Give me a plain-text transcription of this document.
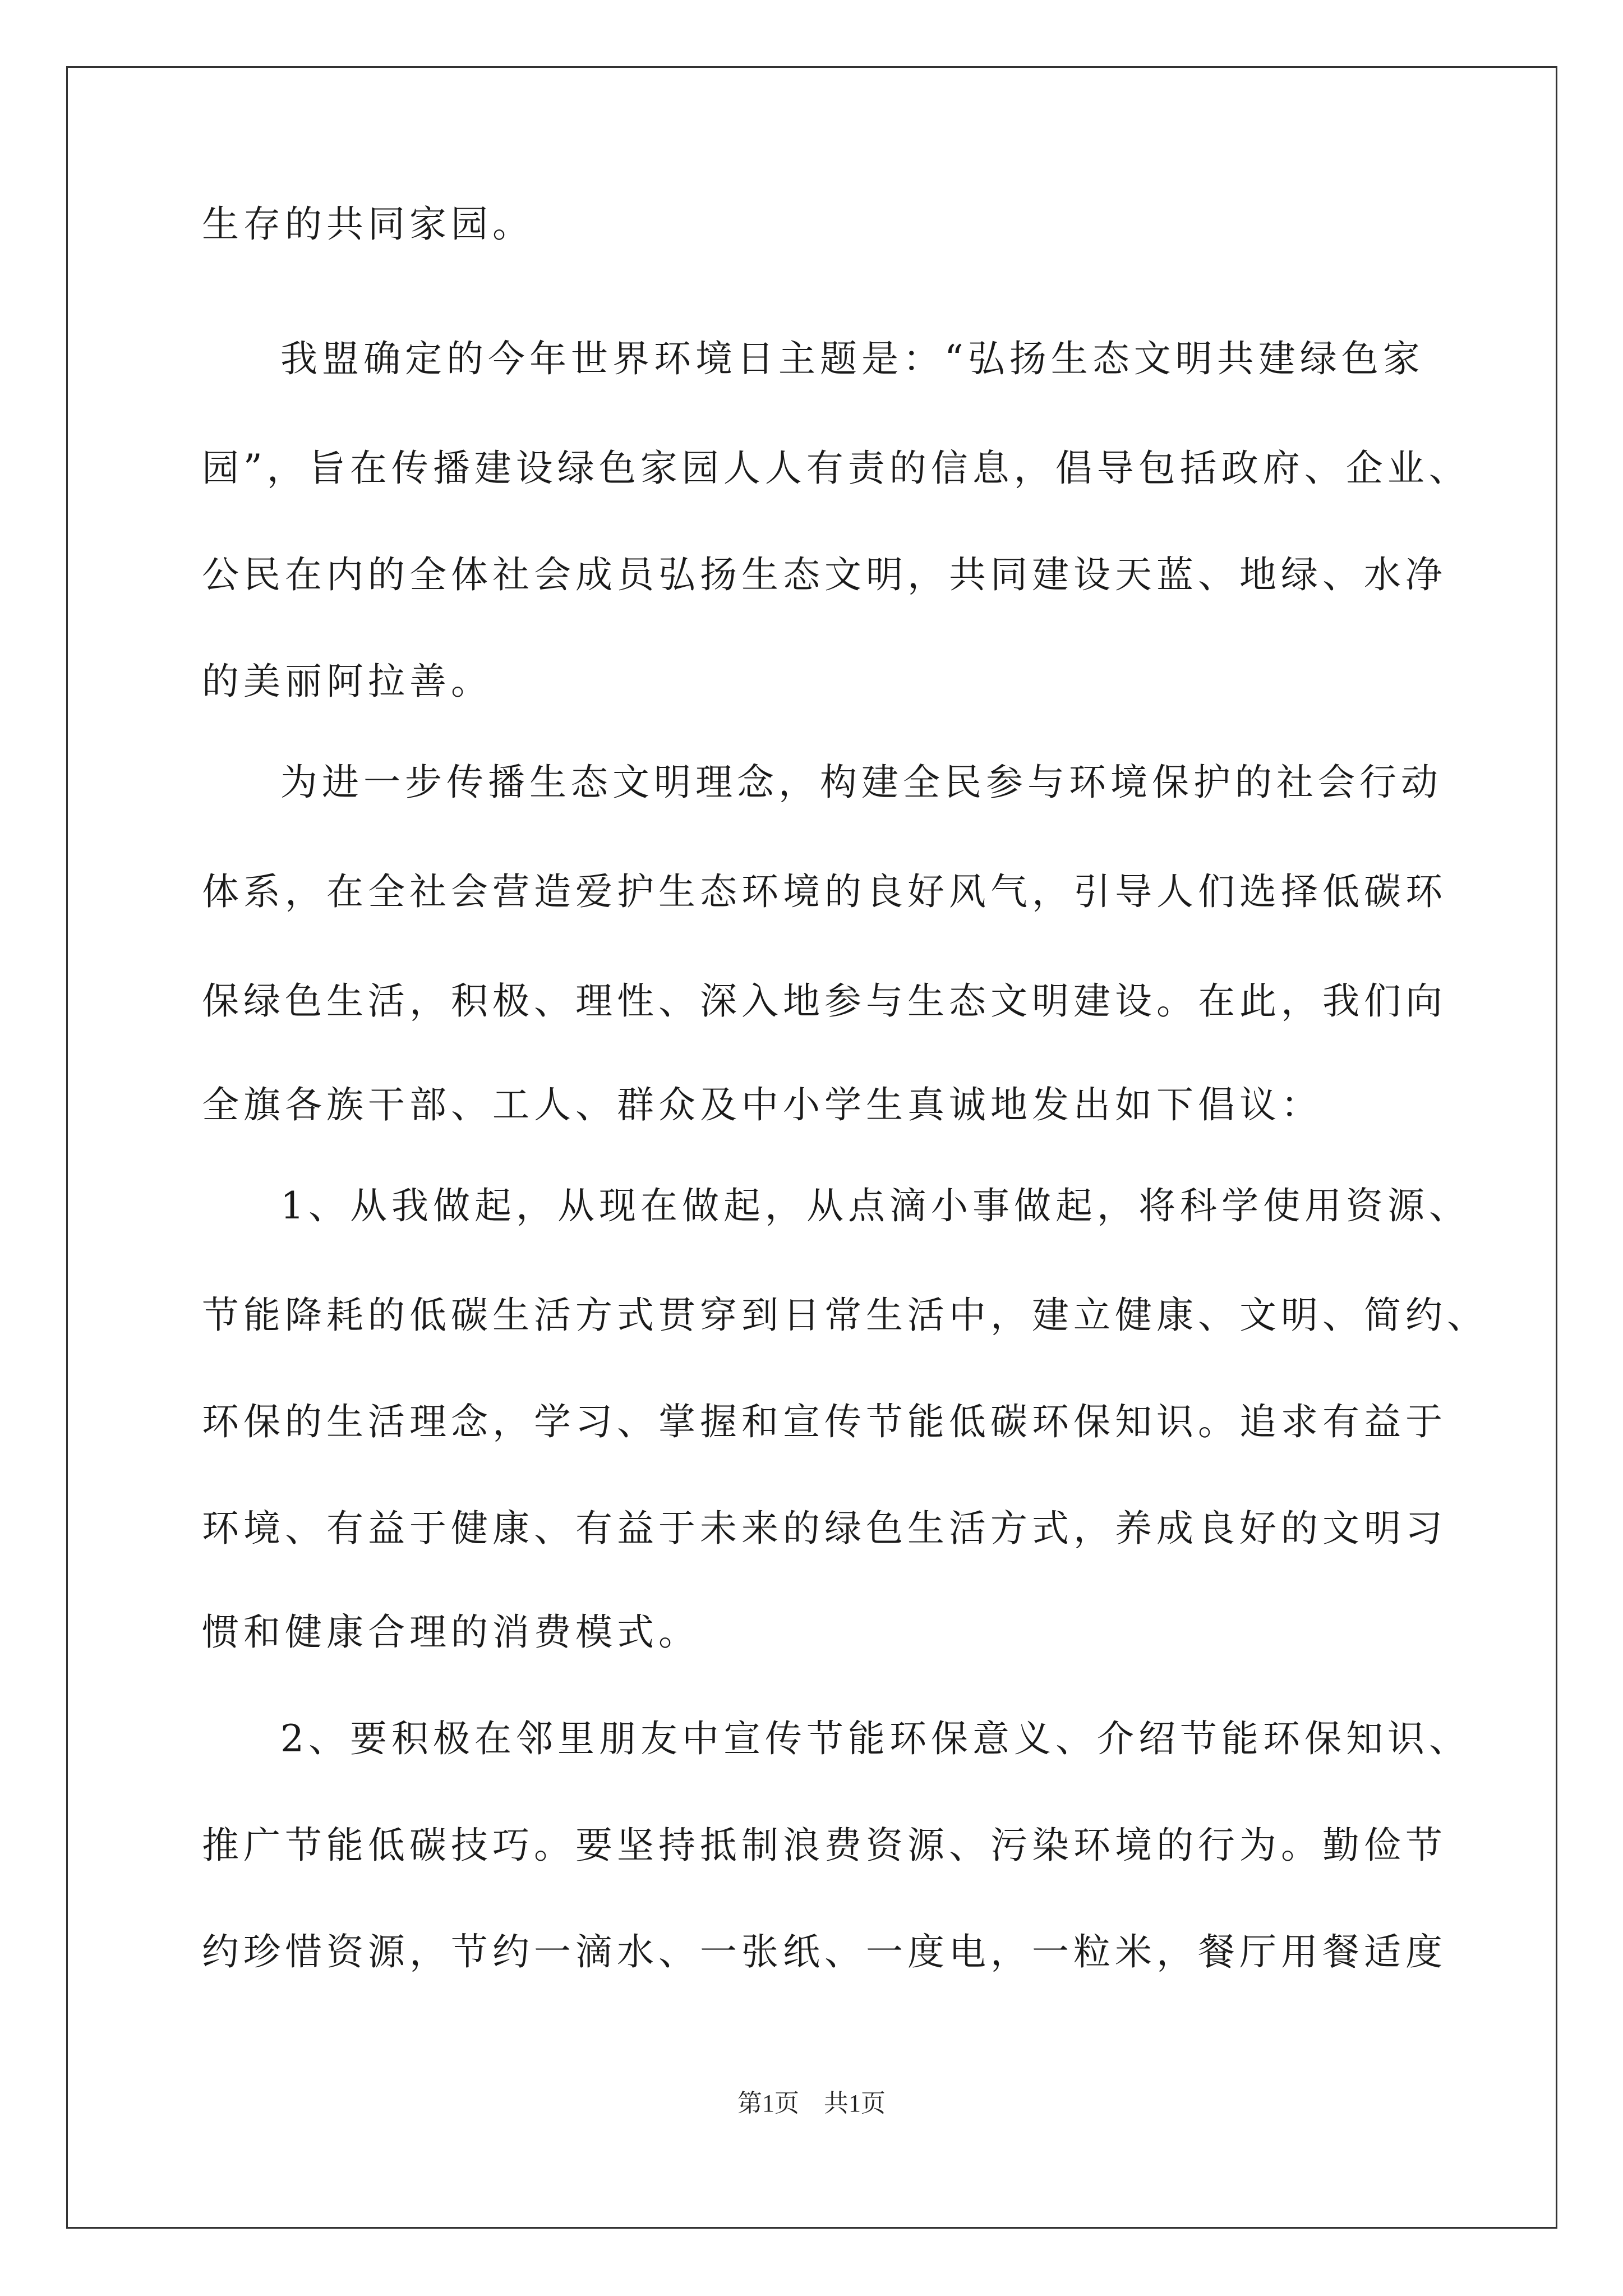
生存的共同家园。
我盟确定的今年世界环境日主题是：“弘扬生态文明共建绿色家
园”，旨在传播建设绿色家园人人有责的信息，倡导包括政府、企业、
公民在内的全体社会成员弘扬生态文明，共同建设天蓝、地绿、水净
的美丽阿拉善。
为进一步传播生态文明理念，构建全民参与环境保护的社会行动
体系，在全社会营造爱护生态环境的良好风气，引导人们选择低碳环
保绿色生活，积极、理性、深入地参与生态文明建设。在此，我们向
全旗各族干部、工人、群众及中小学生真诚地发出如下倡议：
1、从我做起，从现在做起，从点滴小事做起，将科学使用资源、
节能降耗的低碳生活方式贯穿到日常生活中，建立健康、文明、简约、
环保的生活理念，学习、掌握和宣传节能低碳环保知识。追求有益于
环境、有益于健康、有益于未来的绿色生活方式，养成良好的文明习
惯和健康合理的消费模式。
2、要积极在邻里朋友中宣传节能环保意义、介绍节能环保知识、
推广节能低碳技巧。要坚持抵制浪费资源、污染环境的行为。勤俭节
约珍惜资源，节约一滴水、一张纸、一度电，一粒米，餐厅用餐适度
第1页　共1页
